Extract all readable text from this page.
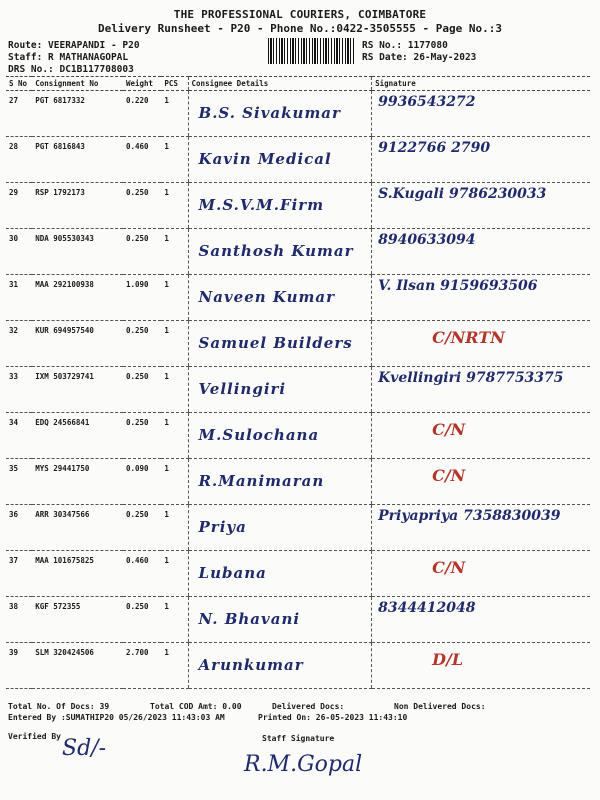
THE PROFESSIONAL COURIERS, COIMBATORE
Delivery Runsheet - P20 - Phone No.:0422-3505555 - Page No.:3
Route: VEERAPANDI - P20
Staff: R MATHANAGOPAL
DRS No.: DC1B117708003
RS No.: 1177080
RS Date: 26-May-2023
S No	Consignment No	Weight	PCS	Consignee Details	Signature
27	PGT 6817332	0.220	1	B.S. Sivakumar	9936543272

28	PGT 6816843	0.460	1	Kavin Medical	9122766 2790

29	RSP 1792173	0.250	1	M.S.V.M.Firm	S.Kugali 9786230033

30	NDA 905530343	0.250	1	Santhosh Kumar	8940633094

31	MAA 292100938	1.090	1	Naveen Kumar	V. Ilsan 9159693506

32	KUR 694957540	0.250	1	Samuel Builders	C/NRTN

33	IXM 503729741	0.250	1	Vellingiri	Kvellingiri 9787753375

34	EDQ 24566841	0.250	1	M.Sulochana	C/N

35	MYS 29441750	0.090	1	R.Manimaran	C/N

36	ARR 30347566	0.250	1	Priya	Priyapriya 7358830039

37	MAA 101675825	0.460	1	Lubana	C/N

38	KGF 572355	0.250	1	N. Bhavani	8344412048

39	SLM 320424506	2.700	1	Arunkumar	D/L
Total No. Of Docs: 39	Total COD Amt: 0.00	Delivered Docs:	Non Delivered Docs:
Entered By :SUMATHIP20 05/26/2023 11:43:03 AM	Printed On: 26-05-2023 11:43:10
Verified By	Staff Signature
Sd/-
R.M.Gopal
